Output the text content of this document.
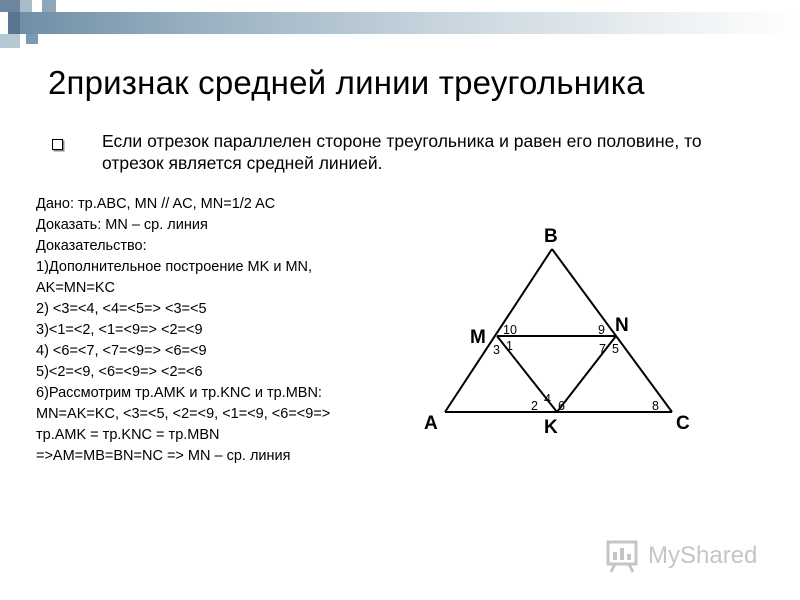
2признак средней линии треугольника
Если отрезок параллелен стороне треугольника и равен его половине, то отрезок является средней линией.
Дано: тр.ABC, MN // AC, MN=1/2 AC
Доказать: MN – ср. линия
Доказательство:
1)Дополнительное построение MK и MN,
AK=MN=KC
2) <3=<4, <4=<5=> <3=<5
3)<1=<2, <1=<9=> <2=<9
4) <6=<7, <7=<9=> <6=<9
5)<2=<9, <6=<9=> <2=<6
6)Рассмотрим тр.AMK и тр.KNC и тр.MBN:
MN=AK=KC, <3=<5, <2=<9, <1=<9, <6=<9=>
тр.AMK = тр.KNC = тр.MBN
=>AM=MB=BN=NC => MN – ср. линия
B
M
N
A	K	C
10
3 1
9
7 5
4
2 6	8
MyShared
